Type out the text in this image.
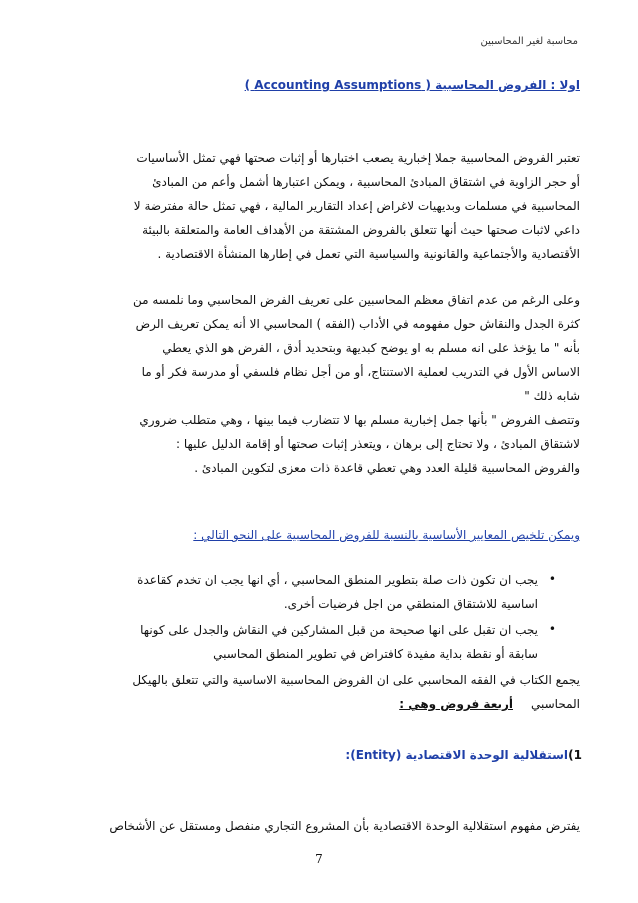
محاسبة لغير المحاسبين
اولا : الفروض المحاسبية ( Accounting Assumptions )
تعتبر الفروض المحاسبية جملا إخبارية يصعب اختبارها أو إثبات صحتها فهي تمثل الأساسيات
أو حجر الزاوية في اشتقاق المبادئ المحاسبية ، ويمكن اعتبارها أشمل وأعم من المبادئ
المحاسبية في مسلمات وبديهيات لاغراض إعداد التقارير المالية ، فهي تمثل حالة مفترضة لا
داعي لاثبات صحتها حيث أنها تتعلق بالفروض المشتقة من الأهداف العامة والمتعلقة بالبيئة
الأقتصادية والأجتماعية والقانونية والسياسية التي تعمل في إطارها المنشأة الاقتصادية .
وعلى الرغم من عدم اتفاق معظم المحاسبين على تعريف الفرض المحاسبي وما نلمسه من
كثرة الجدل والنقاش حول مفهومه في الأداب (الفقه ) المحاسبي الا أنه يمكن تعريف الرض
بأنه " ما يؤخذ على انه مسلم به او يوضح كبديهة وبتحديد أدق ، الفرض هو الذي يعطي
الاساس الأول في التدريب لعملية الاستنتاج، أو من أجل نظام فلسفي أو مدرسة فكر أو ما
شابه ذلك "
وتتصف الفروض " بأنها جمل إخبارية مسلم بها لا تتضارب فيما بينها ، وهي متطلب ضروري
لاشتقاق المبادئ ، ولا تحتاج إلى برهان ، ويتعذر إثبات صحتها أو إقامة الدليل عليها :
والفروض المحاسبية قليلة العدد وهي تعطي قاعدة ذات معزى لتكوين المبادئ .
ويمكن تلخيص المعايير الأساسية بالنسبة للفروض المحاسبية على النحو التالي :
•
يجب ان تكون ذات صلة بتطوير المنطق المحاسبي ، أي انها يجب ان تخدم كقاعدة
اساسية للاشتقاق المنطقي من اجل فرضيات أخرى.
•
يجب ان تقبل على انها صحيحة من قبل المشاركين في النقاش والجدل على كونها
سابقة أو نقطة بداية مفيدة كافتراض في تطوير المنطق المحاسبي
يجمع الكتاب في الفقه المحاسبي على ان الفروض المحاسبية الاساسية والتي تتعلق بالهيكل
المحاسبي
أربعة فروض وهي :
(1
استقلالية الوحدة الاقتصادية (Entity):
يفترض مفهوم استقلالية الوحدة الاقتصادية بأن المشروع التجاري منفصل ومستقل عن الأشخاص
7
